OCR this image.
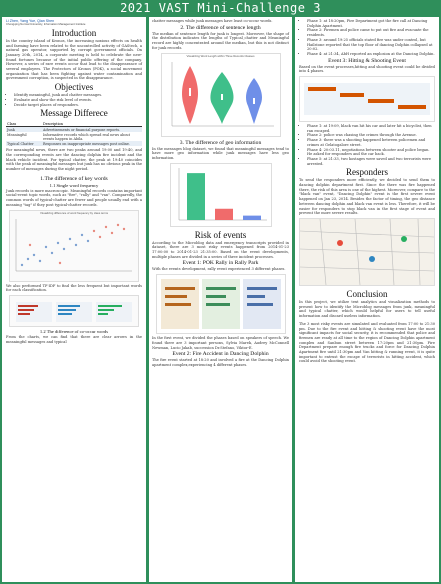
2021 VAST Mini-Challenge 3
Li Zhen, Yang Yue, Qian Shen
Chongqing Normal University, Information Management Institute
Introduction

In the country island of Kronos, the increasing noxious effects on health and farming have been related to the uncontrolled activity of GAStech, a natural gas operator, supported by corrupt government officials. On January 20th, 2014, a corporate meeting is held to celebrate the new-found fortunes because of the initial public offering of the company. However, a series of rare events occur that lead to the disappearance of several employees. The Protectors of Kronos (POK), a social movement organization that has been fighting against water contamination and government corruption, is suspected in the disappearance.

Objectives
• Identify meaningful, junk and chatter messages.
• Evaluate and show the risk level of events.
• Decide target places of responders.
Message Differece
Class	Description
Junk	Advertisements or financial purpose reports.
Meaningful	Informative records which spread real news about events happen in Abila.
Typical Chatter	Responses on inappropriate messages post online.

For meaningful news, there are two peaks around 19:00 and 19:40, and the corresponding events are the dancing dolphin fire incident and the black vehicle incident. For typical chatter, the peak at 19:40 coincides with the peak of meaningful messages but junk has no obvious peak in the number of messages during the night period.

1.The difference of key words
1.1 Single word frequency

Junk records is more macroscopic. Meaningful records contains important social-event topic words, such as "fire", "rally" and "van". Comparedly, the common words of typical-chatter are fewer and people usually end with a meaning "tag" if they post typical-chatter records.

Visualizing difference of word frequency by class terms

We also performed TF-IDF to find the less frequent but important words for each classification.

1.2 The difference of co-occur words

From the charts, we can find that there are clear arrows in the meaningful messages and typical

chatter messages while junk messages have least co-occur words.

2. The difference of sentence length

The median of sentence length for junk is longest. Moreover, the shape of the distribution indicates the lengths of Typical_chatter and Meaningful record are highly concentrated around the median, but this is not distinct for junk records.

Visualizing Word Length within Three Records Classes
3. The difference of geo information

In the messages blog dataset, we found that meaningful messages tend to have more geo information while junk messages have less geo information.

Risk of events

According to the Microblog data and emergency transcripts provided in dataset, there are 3 most risky events happened from 2014-01-23 17:00:00 to 2014-01-23 21:35:00. Based on the event developments, multiple phases are divided in a series of three incident processes.

Event 1: POK Rally in Rally Park

With the events development, rally event experienced 3 different phases.

In the first event, we divided the phases based on speakers of speech. We found there are 3 important persons, Sylvia Marek, Audrey McConnell Newman, Lucio Jakab, succession Dr.Stefano, Viktor-E.

Event 2: Fire Accident in Dancing Dolphin

The fire event started at 18:20 and involved a fire at the Dancing Dolphin apartment complex,experiencing 4 different phases.

• Phase 1: at 18:20pm, Fire Department got the fire call at Dancing Dolphin Apartment.
• Phase 2: Firemen and police came to put out fire and evacuate the residents.
• Phase 3: around 19:25 officials stated fire was under control, but Hailstone reported that the top floor of dancing Dolphin collapsed at 20:02.
• Phase 4: at 21:34, AbH reported an explosion at the Dancing Dolphin.
Event 3: Hitting & Shooting Event

Based on the event processes,hitting and shooting event could be divided into 4 phases.

• Phase 1: at 19:09, black van hit his car and later hit a bicyclist, then ran escaped.
• Phase 2: police was chasing the crimes through the Avenue.
• Phase 3: there was a shooting happened between policemen and crimes at Gelatogalore street.
• Phase 4: 20:03.11, negotiations between shooter and police began. He asked for responders and the car back.
• Phase 5: at 21:33, two hostages were saved and two terrorists were arrested.
Responders

To send the responders more efficiently, we decided to send them to dancing dolphin department first. Since the there was fire happened there, the risk of this area is one of the highest. Moreover, compare to the "black van" event, "Dancing Dolphin" event is the first severe event happened on Jan 23, 2014. Besides the factor of timing, the geo distance between dancing dolphin and black van event is less. Therefore, it will be easier for responders to stop black van in the first stage of event and prevent the more severe results.

Conclusion

In this project, we utilize text analytics and visualization methods to present how to identify the Microblog messages from junk, meaningful and typical chatter, which would helpful for users to tell useful information and discard useless information.

The 3 most risky events are simulated and evaluated from 17:00 to 21:30 pm. Due to the fire event and hitting & shooting event have the most significant impacts for social security, it is recommended that police and firemen are ready at all time to the region of Dancing Dolphin apartment complex and Sanbun street between 17:20pm and 21:30pm. Fire Department prepare enough fire trucks and force for Dancing Dolphin Apartment fire until 21:30pm and Van hitting & running event, it is quite important to entrust the escape of terrorists in hitting accident, which could avoid the shooting event.
